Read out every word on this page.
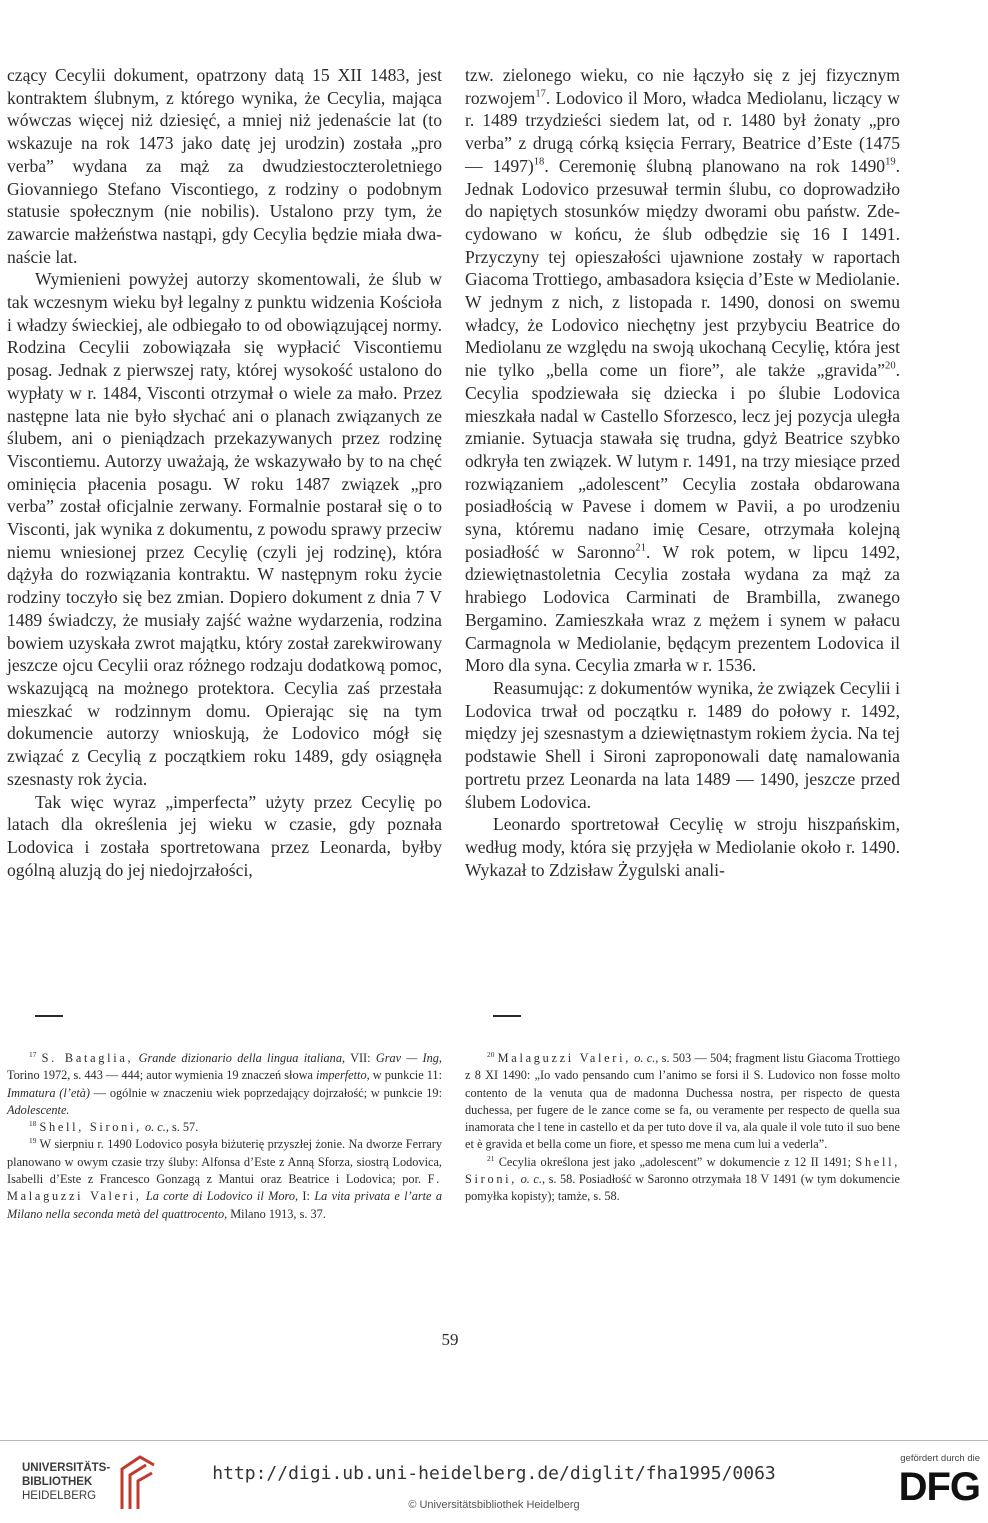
czący Cecylii dokument, opatrzony datą 15 XII 1483, jest kontraktem ślubnym, z którego wynika, że Cecylia, mająca wówczas więcej niż dziesięć, a mniej niż jedenaście lat (to wskazuje na rok 1473 jako datę jej urodzin) została „pro verba” wydana za mąż za dwudziestoczteroletniego Giovanniego Stefano Viscontiego, z rodziny o podobnym statusie społecznym (nie nobilis). Ustalono przy tym, że zawarcie małżeństwa nastąpi, gdy Cecylia będzie miała dwanaście lat.

Wymienieni powyżej autorzy skomentowali, że ślub w tak wczesnym wieku był legalny z punktu widzenia Kościoła i władzy świeckiej, ale odbiegało to od obowiązującej normy. Rodzina Cecylii zobowiązała się wypłacić Viscontiemu posag. Jednak z pierwszej raty, której wysokość ustalono do wypłaty w r. 1484, Visconti otrzymał o wiele za mało. Przez następne lata nie było słychać ani o planach związanych ze ślubem, ani o pieniądzach przekazywanych przez rodzinę Viscontiemu. Autorzy uważają, że wskazywało by to na chęć ominięcia płacenia posagu. W roku 1487 związek „pro verba” został oficjalnie zerwany. Formalnie postarał się o to Visconti, jak wynika z dokumentu, z powodu sprawy przeciw niemu wniesionej przez Cecylię (czyli jej rodzinę), która dążyła do rozwiązania kontraktu. W następnym roku życie rodziny toczyło się bez zmian. Dopiero dokument z dnia 7 V 1489 świadczy, że musiały zajść ważne wydarzenia, rodzina bowiem uzyskała zwrot majątku, który został zarekwirowany jeszcze ojcu Cecylii oraz różnego rodzaju dodatkową pomoc, wskazującą na możnego protektora. Cecylia zaś przestała mieszkać w rodzinnym domu. Opierając się na tym dokumencie autorzy wnioskują, że Lodovico mógł się związać z Cecylią z początkiem roku 1489, gdy osiągnęła szesnasty rok życia.

Tak więc wyraz „imperfecta” użyty przez Cecylię po latach dla określenia jej wieku w czasie, gdy poznała Lodovica i została sportretowana przez Leonarda, byłby ogólną aluzją do jej niedojrzałości,

tzw. zielonego wieku, co nie łączyło się z jej fizycznym rozwojem$^{17}$. Lodovico il Moro, władca Mediolanu, liczący w r. 1489 trzydzieści siedem lat, od r. 1480 był żonaty „pro verba” z drugą córką księcia Ferrary, Beatrice d’Este (1475 — 1497)$^{18}$. Ceremonię ślubną planowano na rok 1490$^{19}$. Jednak Lodovico przesuwał termin ślubu, co doprowadziło do napiętych stosunków między dworami obu państw. Zdecydowano w końcu, że ślub odbędzie się 16 I 1491. Przyczyny tej opieszałości ujawnione zostały w raportach Giacoma Trottiego, ambasadora księcia d’Este w Mediolanie. W jednym z nich, z listopada r. 1490, donosi on swemu władcy, że Lodovico niechętny jest przybyciu Beatrice do Mediolanu ze względu na swoją ukochaną Cecylię, która jest nie tylko „bella come un fiore”, ale także „gravida”$^{20}$. Cecylia spodziewała się dziecka i po ślubie Lodovica mieszkała nadal w Castello Sforzesco, lecz jej pozycja uległa zmianie. Sytuacja stawała się trudna, gdyż Beatrice szybko odkryła ten związek. W lutym r. 1491, na trzy miesiące przed rozwiązaniem „adolescent” Cecylia została obdarowana posiadłością w Pavese i domem w Pavii, a po urodzeniu syna, któremu nadano imię Cesare, otrzymała kolejną posiadłość w Saronno$^{21}$. W rok potem, w lipcu 1492, dziewiętnastoletnia Cecylia została wydana za mąż za hrabiego Lodovica Carminati de Brambilla, zwanego Bergamino. Zamieszkała wraz z mężem i synem w pałacu Carmagnola w Mediolanie, będącym prezentem Lodovica il Moro dla syna. Cecylia zmarła w r. 1536.

Reasumując: z dokumentów wynika, że związek Cecylii i Lodovica trwał od początku r. 1489 do połowy r. 1492, między jej szesnastym a dziewiętnastym rokiem życia. Na tej podstawie Shell i Sironi zaproponowali datę namalowania portretu przez Leonarda na lata 1489 — 1490, jeszcze przed ślubem Lodovica.

Leonardo sportretował Cecylię w stroju hiszpańskim, według mody, która się przyjęła w Mediolanie około r. 1490. Wykazał to Zdzisław Żygulski anali-

$^{17}$ S. Bataglia, Grande dizionario della lingua italiana, VII: Grav — Ing, Torino 1972, s. 443 — 444; autor wymienia 19 znaczeń słowa imperfetto, w punkcie 11: Immatura (l’età) — ogólnie w znaczeniu wiek poprzedający dojrzałość; w punkcie 19: Adolescente.

$^{18}$ Shell, Sironi, o. c., s. 57.

$^{19}$ W sierpniu r. 1490 Lodovico posyła biżuterię przyszłej żonie. Na dworze Ferrary planowano w owym czasie trzy śluby: Alfonsa d’Este z Anną Sforza, siostrą Lodovica, Isabelli d’Este z Francesco Gonzagą z Mantui oraz Beatrice i Lodovica; por. F. Malaguzzi Valeri, La corte di Lodovico il Moro, I: La vita privata e l’arte a Milano nella seconda metà del quattrocento, Milano 1913, s. 37.

$^{20}$ Malaguzzi Valeri, o. c., s. 503 — 504; fragment listu Giacoma Trottiego z 8 XI 1490: „Io vado pensando cum l’animo se forsi il S. Ludovico non fosse molto contento de la venuta qua de madonna Duchessa nostra, per rispecto de questa duchessa, per fugere de le zance come se fa, ou veramente per respecto de quella sua inamorata che l tene in castello et da per tuto dove il va, ala quale il vole tuto il suo bene et è gravida et bella come un fiore, et spesso me mena cum lui a vederla”.

$^{21}$ Cecylia określona jest jako „adolescent” w dokumencie z 12 II 1491; Shell, Sironi, o. c., s. 58. Posiadłość w Saronno otrzymała 18 V 1491 (w tym dokumencie pomyłka kopisty); tamże, s. 58.

59
UNIVERSITÄTS-
BIBLIOTHEK
HEIDELBERG
http://digi.ub.uni-heidelberg.de/diglit/fha1995/0063
© Universitätsbibliothek Heidelberg
gefördert durch die
DFG
